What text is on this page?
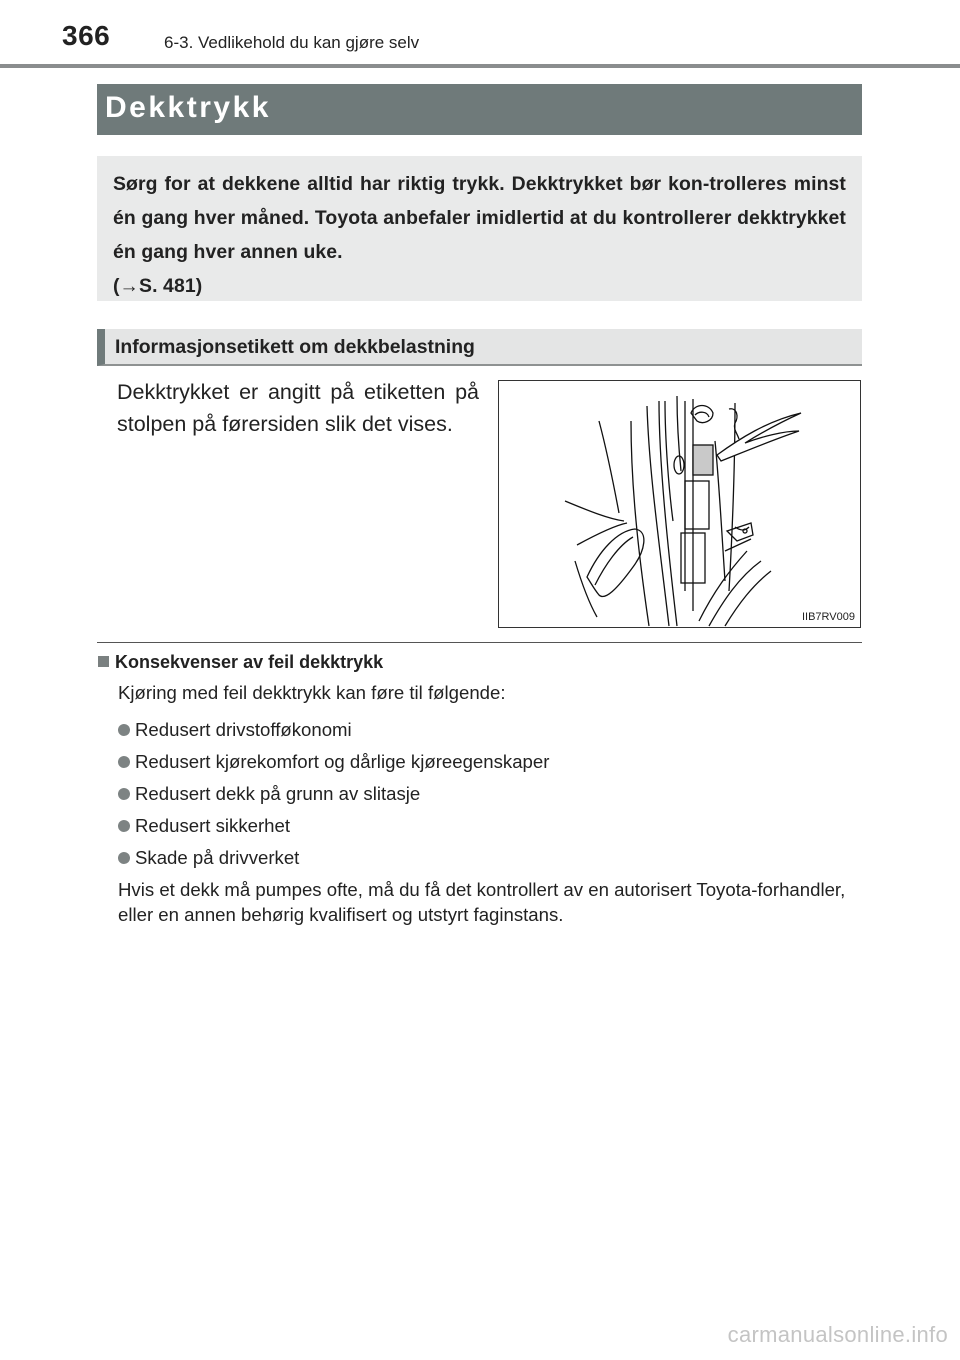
366	6-3. Vedlikehold du kan gjøre selv
Dekktrykk

Sørg for at dekkene alltid har riktig trykk. Dekktrykket bør kon-trolleres minst én gang hver måned. Toyota anbefaler imidlertid at du kontrollerer dekktrykket én gang hver annen uke.

(→S. 481)

Informasjonsetikett om dekkbelastning

Dekktrykket er angitt på etiketten på stolpen på førersiden slik det vises.

IIB7RV009
Konsekvenser av feil dekktrykk

Kjøring med feil dekktrykk kan føre til følgende:

Redusert drivstofføkonomi
Redusert kjørekomfort og dårlige kjøreegenskaper
Redusert dekk på grunn av slitasje
Redusert sikkerhet
Skade på drivverket

Hvis et dekk må pumpes ofte, må du få det kontrollert av en autorisert Toyota-forhandler, eller en annen behørig kvalifisert og utstyrt faginstans.

carmanualsonline.info
